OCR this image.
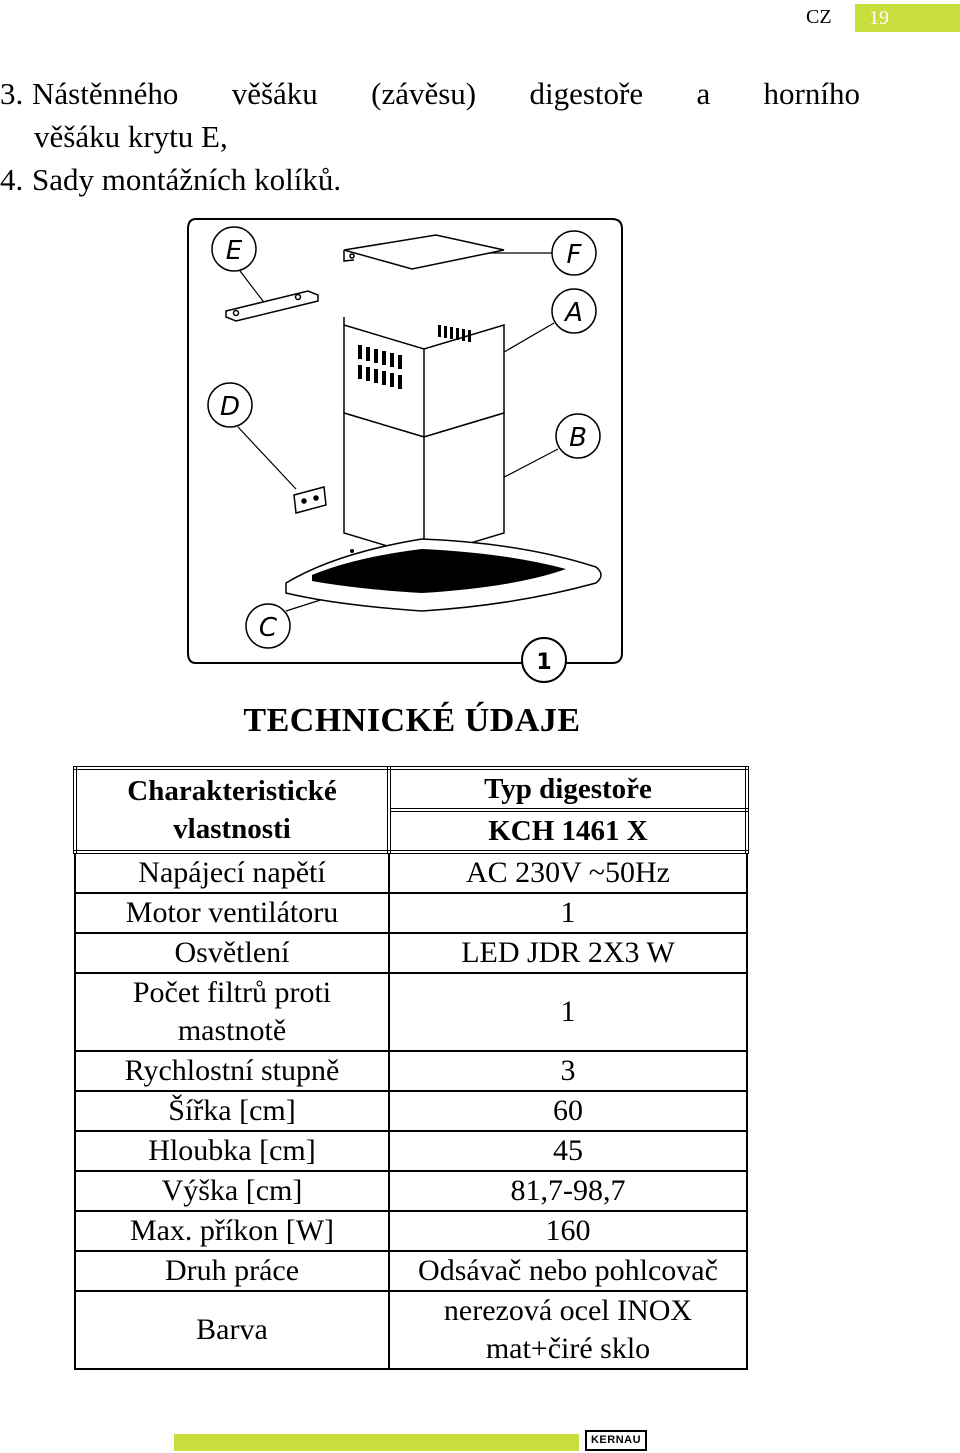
CZ	19
3. Nástěnného věšáku (závěsu) digestoře a horního
věšáku krytu E,
4. Sady montážních kolíků.
E	F
A
D
B
C
1
TECHNICKÉ ÚDAJE
Charakteristické vlastnosti	Typ digestoře
	KCH 1461 X
Napájecí napětí	AC 230V ~50Hz
Motor ventilátoru	1
Osvětlení	LED JDR 2X3 W
Počet filtrů proti mastnotě	1
Rychlostní stupně	3
Šířka [cm]	60
Hloubka [cm]	45
Výška [cm]	81,7-98,7
Max. příkon [W]	160
Druh práce	Odsávač nebo pohlcovač
Barva	nerezová ocel INOX mat+čiré sklo
KERNAU
